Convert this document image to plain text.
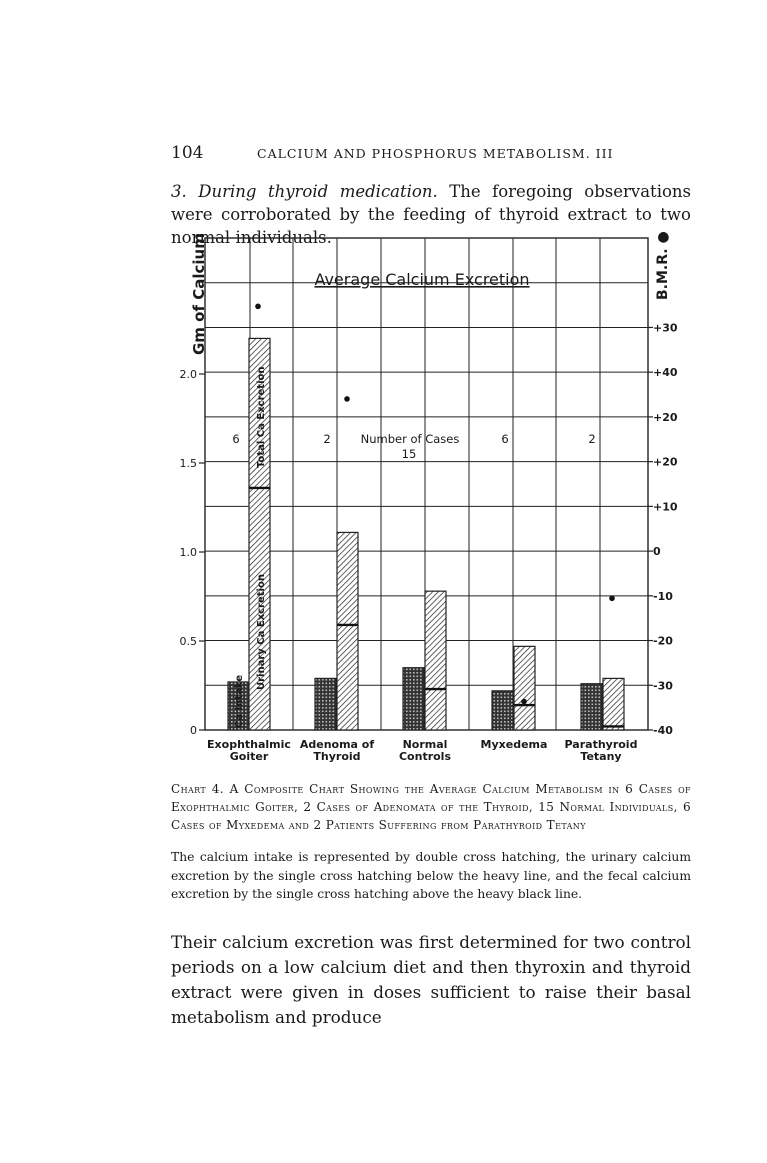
104	CALCIUM AND PHOSPHORUS METABOLISM. III
3. During thyroid medication. The foregoing observations were corroborated by the feeding of thyroid extract to two normal individuals.
0
0.5
1.0
1.5
2.0
Gm of Calcium	+30
+40
+20
+20
+10
0
-10
-20
-30
-40
B.M.R. ●
Average Calcium Excretion
6	2	Number of Cases
15
6	2
Ca Intake
Urinary Ca Excretion
Total Ca Excretion
Exophthalmic
Goiter
Adenoma of
Thyroid
Normal
Controls
Myxedema Parathyroid
Tetany
Chart 4. A Composite Chart Showing the Average Calcium Metabolism in 6 Cases of Exophthalmic Goiter, 2 Cases of Adenomata of the Thyroid, 15 Normal Individuals, 6 Cases of Myxedema and 2 Patients Suffering from Parathyroid Tetany
The calcium intake is represented by double cross hatching, the urinary calcium excretion by the single cross hatching below the heavy line, and the fecal calcium excretion by the single cross hatching above the heavy black line.
Their calcium excretion was first determined for two control periods on a low calcium diet and then thyroxin and thyroid extract were given in doses sufficient to raise their basal metabolism and produce
